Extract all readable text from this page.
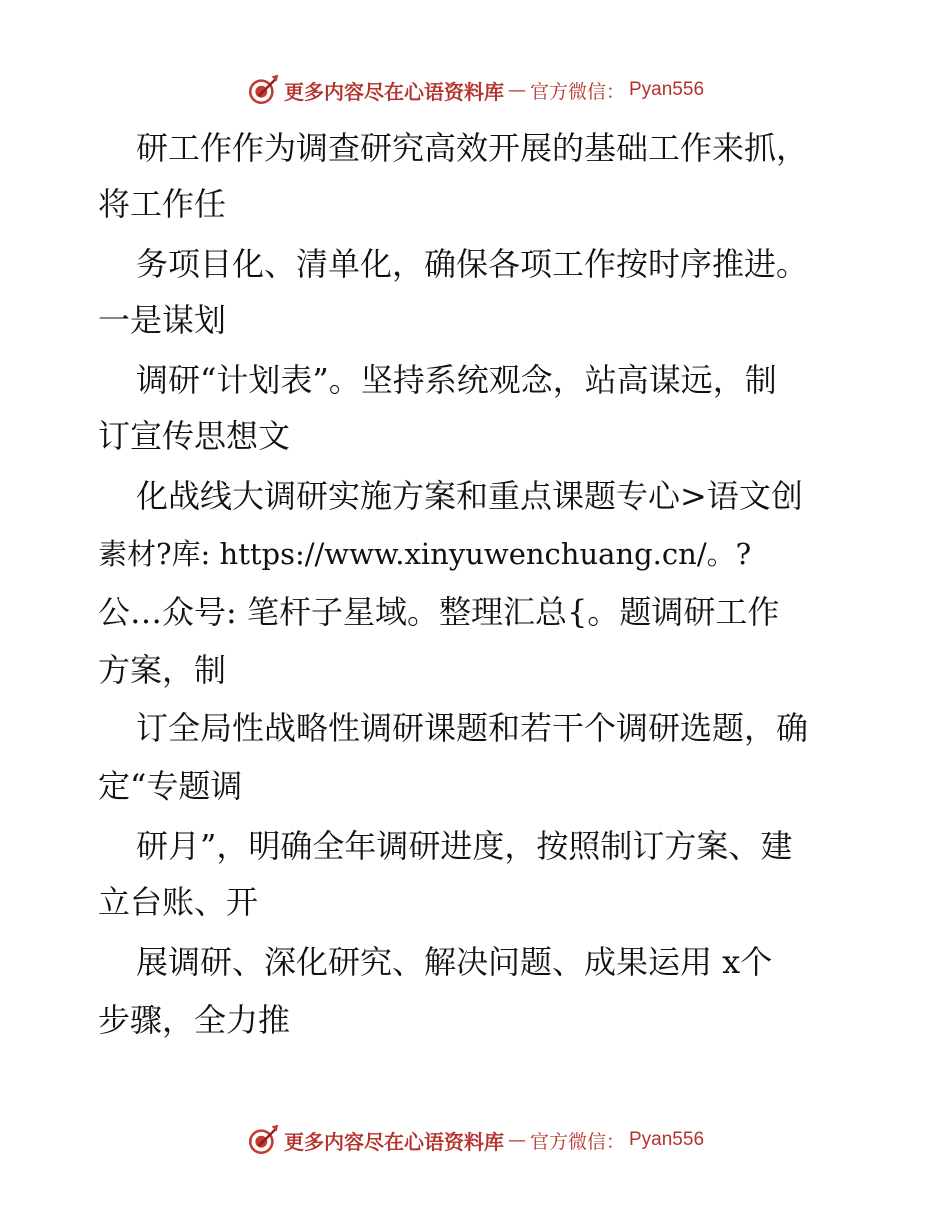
更多内容尽在心语资料库 — 官方微信： Pyan556
研工作作为调查研究高效开展的基础工作来抓，
将工作任
务项目化、清单化，确保各项工作按时序推进。
一是谋划
调研“计划表”。坚持系统观念，站高谋远，制
订宣传思想文
化战线大调研实施方案和重点课题专心>语文创
素材?库: https://www.xinyuwenchuang.cn/。?
公…众号: 笔杆子星域。整理汇总{。题调研工作
方案，制
订全局性战略性调研课题和若干个调研选题，确
定“专题调
研月”，明确全年调研进度，按照制订方案、建
立台账、开
展调研、深化研究、解决问题、成果运用 x个
步骤，全力推
更多内容尽在心语资料库 — 官方微信： Pyan556
